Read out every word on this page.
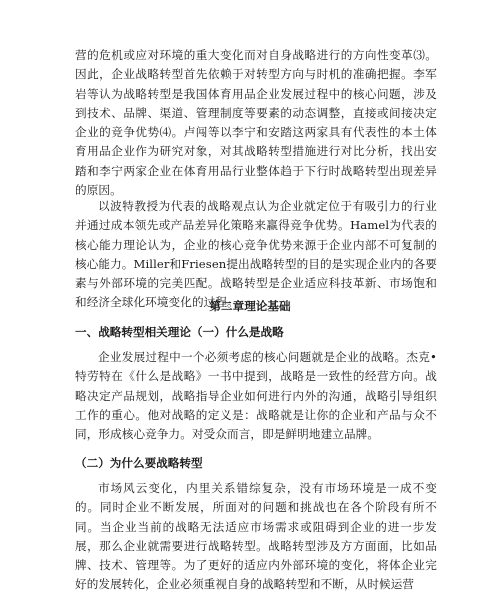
营的危机或应对环境的重大变化而对自身战略进行的方向性变革⑶。因此，企业战略转型首先依赖于对转型方向与时机的准确把握。李军岩等认为战略转型是我国体育用品企业发展过程中的核心问题，涉及到技术、品牌、渠道、管理制度等要素的动态调整，直接或间接决定企业的竞争优势⑷。卢闯等以李宁和安踏这两家具有代表性的本土体育用品企业作为研究对象，对其战略转型措施进行对比分析，找出安踏和李宁两家企业在体育用品行业整体趋于下行时战略转型出现差异的原因。

以波特教授为代表的战略观点认为企业就定位于有吸引力的行业并通过成本领先或产品差异化策略来赢得竞争优势。Hamel为代表的核心能力理论认为，企业的核心竞争优势来源于企业内部不可复制的核心能力。Miller和Friesen提出战略转型的目的是实现企业内的各要素与外部环境的完美匹配。战略转型是企业适应科技革新、市场饱和和经济全球化环境变化的过程。

第二章理论基础

一、战略转型相关理论（一）什么是战略

企业发展过程中一个必须考虑的核心问题就是企业的战略。杰克•特劳特在《什么是战略》一书中提到，战略是一致性的经营方向。战略决定产品规划，战略指导企业如何进行内外的沟通，战略引导组织工作的重心。他对战略的定义是：战略就是让你的企业和产品与众不同，形成核心竞争力。对受众而言，即是鲜明地建立品牌。

（二）为什么要战略转型

市场风云变化，内里关系错综复杂，没有市场环境是一成不变的。同时企业不断发展，所面对的问题和挑战也在各个阶段有所不同。当企业当前的战略无法适应市场需求或阻碍到企业的进一步发展，那么企业就需要进行战略转型。战略转型涉及方方面面，比如品牌、技术、管理等。为了更好的适应内外部环境的变化，将体企业完好的发展转化，企业必须重视自身的战略转型和不断，从时候运营
